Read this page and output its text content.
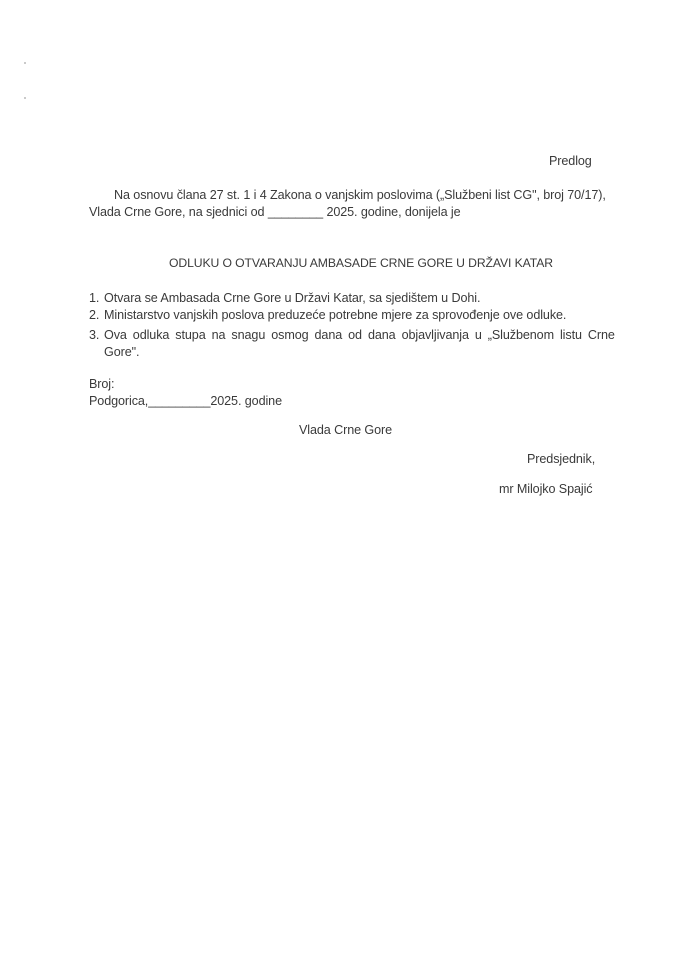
Predlog
Na osnovu člana 27 st. 1 i 4 Zakona o vanjskim poslovima („Službeni list CG", broj 70/17),
Vlada Crne Gore, na sjednici od ________ 2025. godine, donijela je
ODLUKU O OTVARANJU AMBASADE CRNE GORE U DRŽAVI KATAR
1. Otvara se Ambasada Crne Gore u Državi Katar, sa sjedištem u Dohi.
2. Ministarstvo vanjskih poslova preduzeće potrebne mjere za sprovođenje ove odluke.
3. Ova odluka stupa na snagu osmog dana od dana objavljivanja u „Službenom listu Crne
Gore".
Broj:
Podgorica,_________2025. godine
Vlada Crne Gore
Predsjednik,
mr Milojko Spajić
